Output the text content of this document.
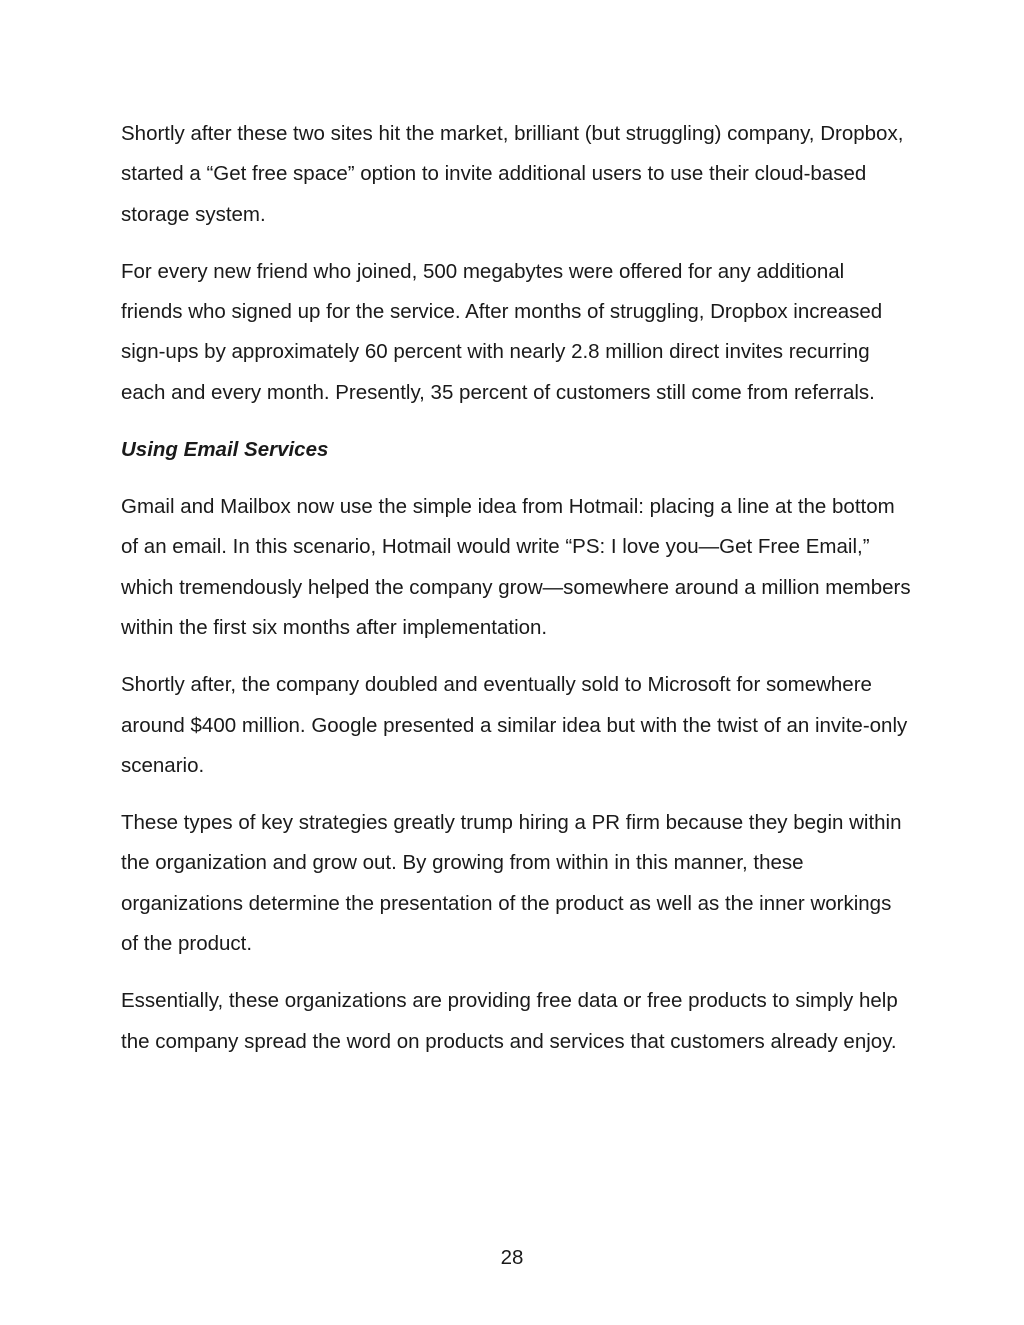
Shortly after these two sites hit the market, brilliant (but struggling) company, Dropbox, started a “Get free space” option to invite additional users to use their cloud-based storage system.

For every new friend who joined, 500 megabytes were offered for any additional friends who signed up for the service. After months of struggling, Dropbox increased sign-ups by approximately 60 percent with nearly 2.8 million direct invites recurring each and every month. Presently, 35 percent of customers still come from referrals.

Using Email Services

Gmail and Mailbox now use the simple idea from Hotmail: placing a line at the bottom of an email. In this scenario, Hotmail would write “PS: I love you—Get Free Email,” which tremendously helped the company grow—somewhere around a million members within the first six months after implementation.

Shortly after, the company doubled and eventually sold to Microsoft for somewhere around $400 million. Google presented a similar idea but with the twist of an invite-only scenario.

These types of key strategies greatly trump hiring a PR firm because they begin within the organization and grow out. By growing from within in this manner, these organizations determine the presentation of the product as well as the inner workings of the product.

Essentially, these organizations are providing free data or free products to simply help the company spread the word on products and services that customers already enjoy.

28
